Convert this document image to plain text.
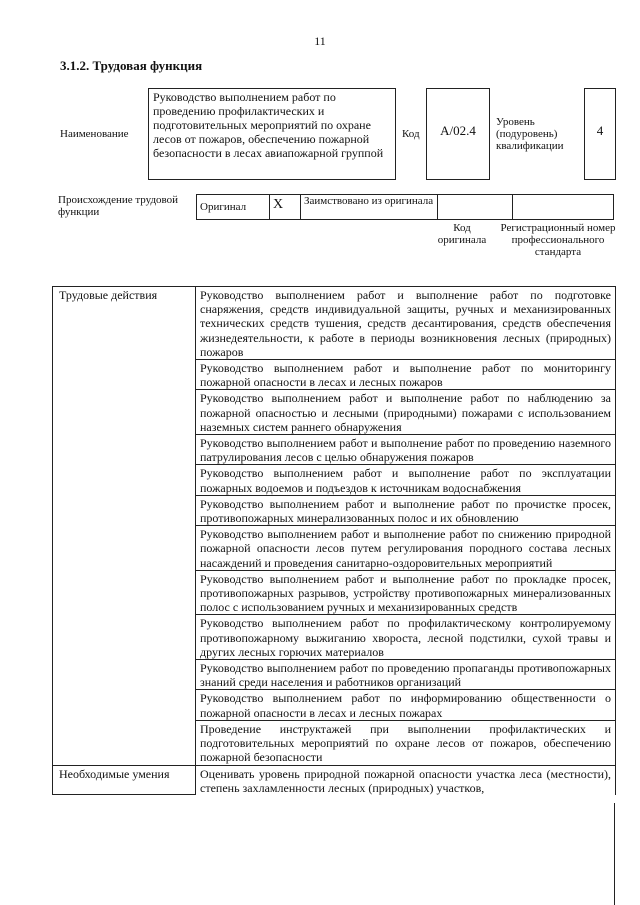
11
3.1.2. Трудовая функция
Наименование
Руководство выполнением работ по проведению профилактических и подготовительных мероприятий по охране лесов от пожаров, обеспечению пожарной безопасности в лесах авиапожарной группой
Код	A/02.4
Уровень (подуровень) квалификации
4
Происхождение трудовой функции	Оригинал	X	Заимствовано из оригинала		
Код оригинала
Регистрационный номер профессионального стандарта
Трудовые действия	Руководство выполнением работ и выполнение работ по подготовке снаряжения, средств индивидуальной защиты, ручных и механизированных технических средств тушения, средств десантирования, средств обеспечения жизнедеятельности, к работе в периоды возникновения лесных (природных) пожаров
	Руководство выполнением работ и выполнение работ по мониторингу пожарной опасности в лесах и лесных пожаров
	Руководство выполнением работ и выполнение работ по наблюдению за пожарной опасностью и лесными (природными) пожарами с использованием наземных систем раннего обнаружения
	Руководство выполнением работ и выполнение работ по проведению наземного патрулирования лесов с целью обнаружения пожаров
	Руководство выполнением работ и выполнение работ по эксплуатации пожарных водоемов и подъездов к источникам водоснабжения
	Руководство выполнением работ и выполнение работ по прочистке просек, противопожарных минерализованных полос и их обновлению
	Руководство выполнением работ и выполнение работ по снижению природной пожарной опасности лесов путем регулирования породного состава лесных насаждений и проведения санитарно-оздоровительных мероприятий
	Руководство выполнением работ и выполнение работ по прокладке просек, противопожарных разрывов, устройству противопожарных минерализованных полос с использованием ручных и механизированных средств
	Руководство выполнением работ по профилактическому контролируемому противопожарному выжиганию хвороста, лесной подстилки, сухой травы и других лесных горючих материалов
	Руководство выполнением работ по проведению пропаганды противопожарных знаний среди населения и работников организаций
	Руководство выполнением работ по информированию общественности о пожарной опасности в лесах и лесных пожарах
	Проведение инструктажей при выполнении профилактических и подготовительных мероприятий по охране лесов от пожаров, обеспечению пожарной безопасности
Необходимые умения	Оценивать уровень природной пожарной опасности участка леса (местности), степень захламленности лесных (природных) участков,
